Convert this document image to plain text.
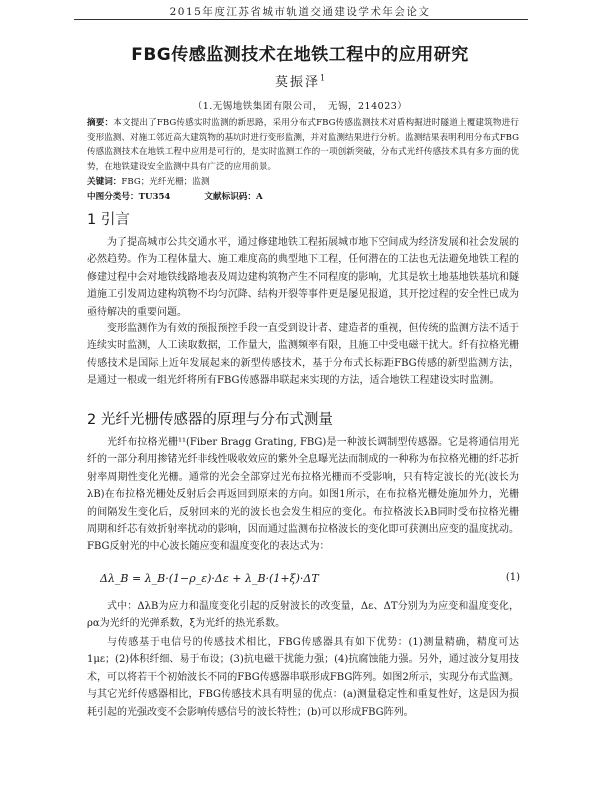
2015年度江苏省城市轨道交通建设学术年会论文
FBG传感监测技术在地铁工程中的应用研究
莫振泽$^1$
（1.无锡地铁集团有限公司，　无锡，214023）

摘要：本文提出了FBG传感实时监测的新思路，采用分布式FBG传感监测技术对盾构掘进时隧道上覆建筑物进行变形监测、对施工邻近高大建筑物的基坑时进行变形监测，并对监测结果进行分析。监测结果表明利用分布式FBG传感监测技术在地铁工程中应用是可行的，是实时监测工作的一项创新突破，分布式光纤传感技术具有多方面的优势，在地铁建设安全监测中具有广泛的应用前景。

关键词：FBG；光纤光栅；监测
中图分类号：TU354	文献标识码：A
1 引言

为了提高城市公共交通水平，通过修建地铁工程拓展城市地下空间成为经济发展和社会发展的必然趋势。作为工程体量大、施工难度高的典型地下工程，任何潜在的工法也无法避免地铁工程的修建过程中会对地铁线路地表及周边建构筑物产生不同程度的影响，尤其是软土地基地铁基坑和隧道施工引发周边建构筑物不均匀沉降、结构开裂等事件更是屡见报道，其开挖过程的安全性已成为亟待解决的重要问题。

变形监测作为有效的预报预控手段一直受到设计者、建造者的重视，但传统的监测方法不适于连续实时监测，人工读取数据，工作量大，监测频率有限，且施工中受电磁干扰大。纤有拉格光栅传感技术是国际上近年发展起来的新型传感技术，基于分布式长标距FBG传感的新型监测方法，是通过一根或一组光纤将所有FBG传感器串联起来实现的方法，适合地铁工程建设实时监测。

2 光纤光栅传感器的原理与分布式测量

光纤布拉格光栅¹¹(Fiber Bragg Grating, FBG)是一种波长调制型传感器。它是将通信用光纤的一部分利用掺锗光纤非线性吸收效应的紫外全息曝光法而制成的一种称为布拉格光栅的纤芯折射率周期性变化光栅。通常的光会全部穿过光布拉格光栅而不受影响，只有特定波长的光(波长为λB)在布拉格光栅处反射后会再返回到原来的方向。如图1所示，在布拉格光栅处施加外力，光栅的间隔发生变化后，反射回来的光的波长也会发生相应的变化。布拉格波长λB同时受布拉格光栅周期和纤芯有效折射率扰动的影响，因而通过监测布拉格波长的变化即可获测出应变的温度扰动。FBG反射光的中心波长随应变和温度变化的表达式为：

Δλ_B = λ_B·(1−ρ_ε)·Δε + λ_B·(1+ξ)·ΔT	(1)

式中：ΔλB为应力和温度变化引起的反射波长的改变量，Δε、ΔT分别为为应变和温度变化，ρα为光纤的光弹系数，ξ为光纤的热光系数。

与传感基于电信号的传感技术相比，FBG传感器具有如下优势：(1)测量精确，精度可达1με；(2)体积纤细、易于布设；(3)抗电磁干扰能力强；(4)抗腐蚀能力强。另外，通过波分复用技术，可以将若干个初始波长不同的FBG传感器串联形成FBG阵列。如图2所示，实现分布式监测。与其它光纤传感器相比，FBG传感技术具有明显的优点：(a)测量稳定性和重复性好，这是因为损耗引起的光强改变不会影响传感信号的波长特性；(b)可以形成FBG阵列。
